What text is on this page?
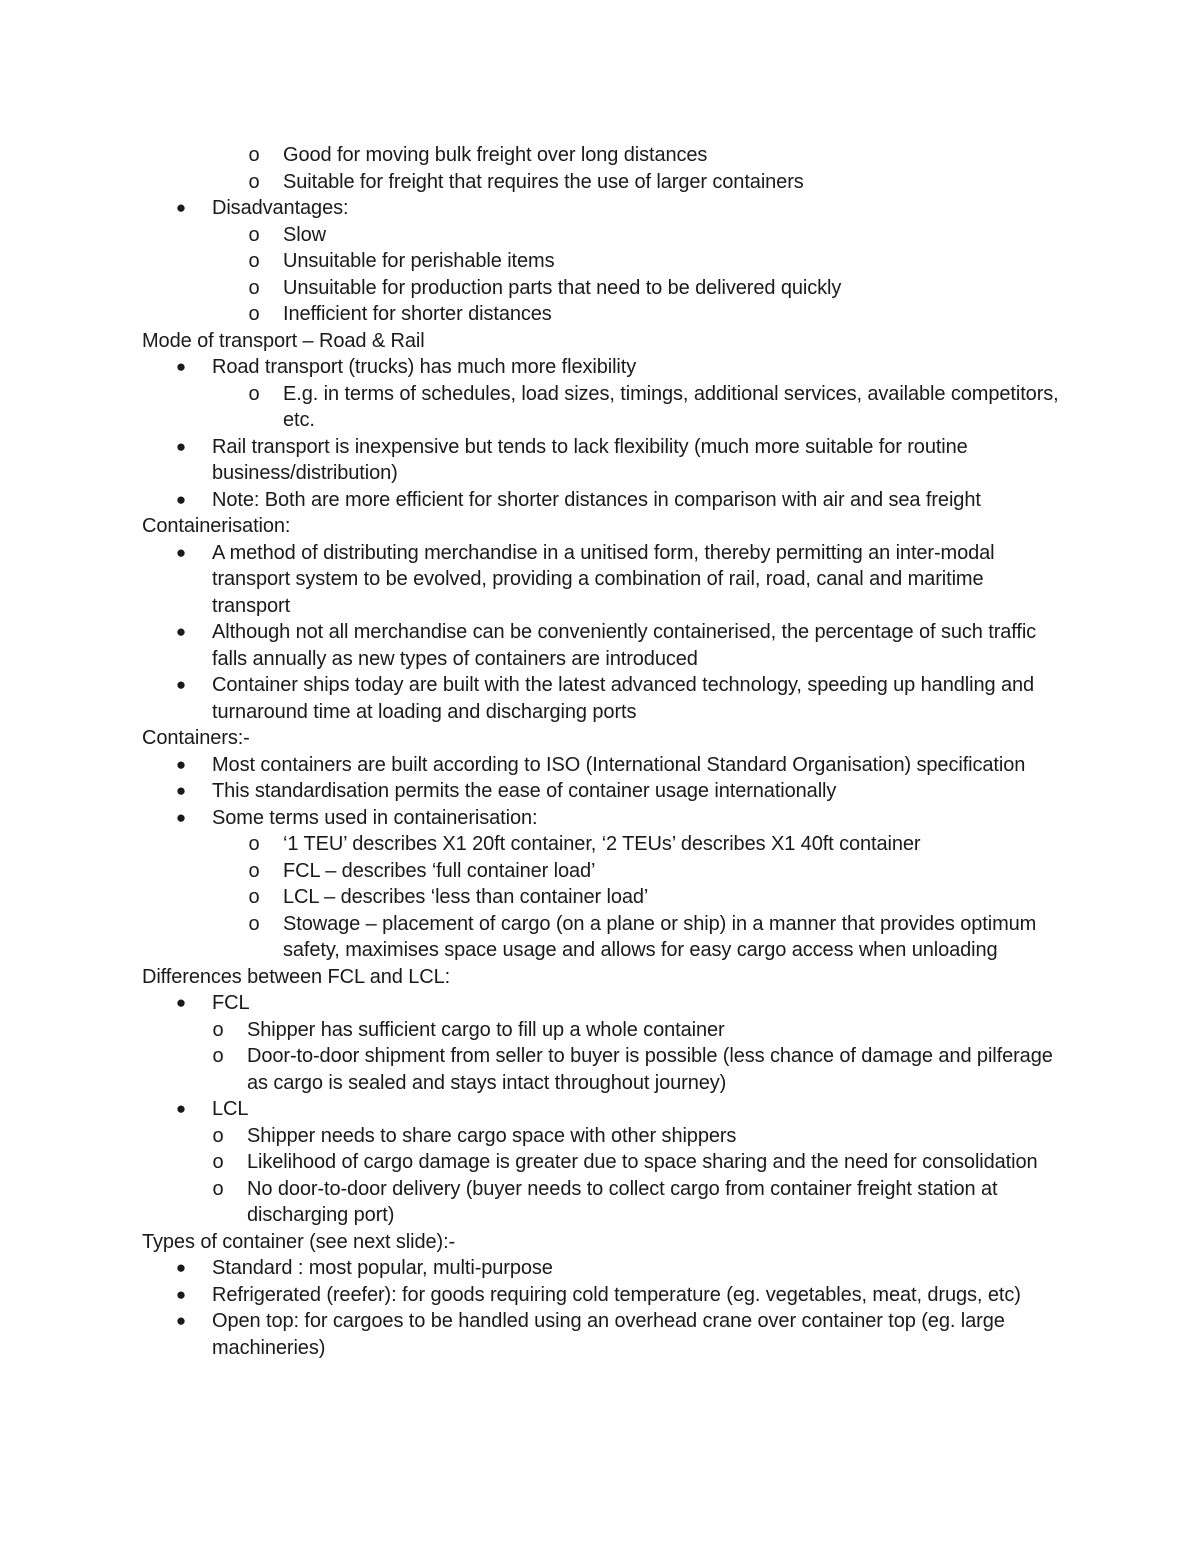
o Good for moving bulk freight over long distances
o Suitable for freight that requires the use of larger containers
● Disadvantages:
o Slow
o Unsuitable for perishable items
o Unsuitable for production parts that need to be delivered quickly
o Inefficient for shorter distances
Mode of transport – Road & Rail
● Road transport (trucks) has much more flexibility
o E.g. in terms of schedules, load sizes, timings, additional services, available competitors,
etc.
● Rail transport is inexpensive but tends to lack flexibility (much more suitable for routine
business/distribution)
● Note: Both are more efficient for shorter distances in comparison with air and sea freight
Containerisation:
● A method of distributing merchandise in a unitised form, thereby permitting an inter-modal
transport system to be evolved, providing a combination of rail, road, canal and maritime
transport
● Although not all merchandise can be conveniently containerised, the percentage of such traffic
falls annually as new types of containers are introduced
● Container ships today are built with the latest advanced technology, speeding up handling and
turnaround time at loading and discharging ports
Containers:-
● Most containers are built according to ISO (International Standard Organisation) specification
● This standardisation permits the ease of container usage internationally
● Some terms used in containerisation:
o ‘1 TEU’ describes X1 20ft container, ‘2 TEUs’ describes X1 40ft container
o FCL – describes ‘full container load’
o LCL – describes ‘less than container load’
o Stowage – placement of cargo (on a plane or ship) in a manner that provides optimum
safety, maximises space usage and allows for easy cargo access when unloading
Differences between FCL and LCL:
● FCL
o Shipper has sufficient cargo to fill up a whole container
o Door-to-door shipment from seller to buyer is possible (less chance of damage and pilferage
as cargo is sealed and stays intact throughout journey)
● LCL
o Shipper needs to share cargo space with other shippers
o Likelihood of cargo damage is greater due to space sharing and the need for consolidation
o No door-to-door delivery (buyer needs to collect cargo from container freight station at
discharging port)
Types of container (see next slide):-
● Standard : most popular, multi-purpose
● Refrigerated (reefer): for goods requiring cold temperature (eg. vegetables, meat, drugs, etc)
● Open top: for cargoes to be handled using an overhead crane over container top (eg. large
machineries)
